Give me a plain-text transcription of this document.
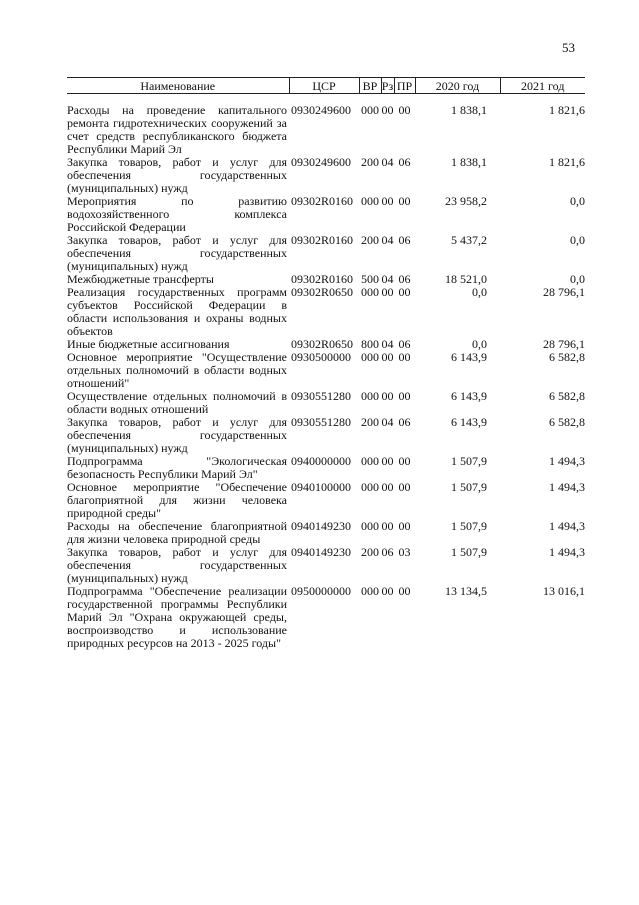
53
Наименование	ЦСР	ВР	Рз	ПР	2020 год	2021 год
Расходы на проведение капитального ремонта гидротехнических сооружений за счет средств республиканского бюджета Республики Марий Эл	0930249600	000	00	00	1 838,1	1 821,6
Закупка товаров, работ и услуг для обеспечения государственных (муниципальных) нужд	0930249600	200	04	06	1 838,1	1 821,6
Мероприятия по развитию водохозяйственного комплекса Российской Федерации	09302R0160	000	00	00	23 958,2	0,0
Закупка товаров, работ и услуг для обеспечения государственных (муниципальных) нужд	09302R0160	200	04	06	5 437,2	0,0
Межбюджетные трансферты	09302R0160	500	04	06	18 521,0	0,0
Реализация государственных программ субъектов Российской Федерации в области использования и охраны водных объектов	09302R0650	000	00	00	0,0	28 796,1
Иные бюджетные ассигнования	09302R0650	800	04	06	0,0	28 796,1
Основное мероприятие "Осуществление отдельных полномочий в области водных отношений"	0930500000	000	00	00	6 143,9	6 582,8
Осуществление отдельных полномочий в области водных отношений	0930551280	000	00	00	6 143,9	6 582,8
Закупка товаров, работ и услуг для обеспечения государственных (муниципальных) нужд	0930551280	200	04	06	6 143,9	6 582,8
Подпрограмма "Экологическая безопасность Республики Марий Эл"	0940000000	000	00	00	1 507,9	1 494,3
Основное мероприятие "Обеспечение благоприятной для жизни человека природной среды"	0940100000	000	00	00	1 507,9	1 494,3
Расходы на обеспечение благоприятной для жизни человека природной среды	0940149230	000	00	00	1 507,9	1 494,3
Закупка товаров, работ и услуг для обеспечения государственных (муниципальных) нужд	0940149230	200	06	03	1 507,9	1 494,3
Подпрограмма "Обеспечение реализации государственной программы Республики Марий Эл "Охрана окружающей среды, воспроизводство и использование природных ресурсов на 2013 - 2025 годы"	0950000000	000	00	00	13 134,5	13 016,1
